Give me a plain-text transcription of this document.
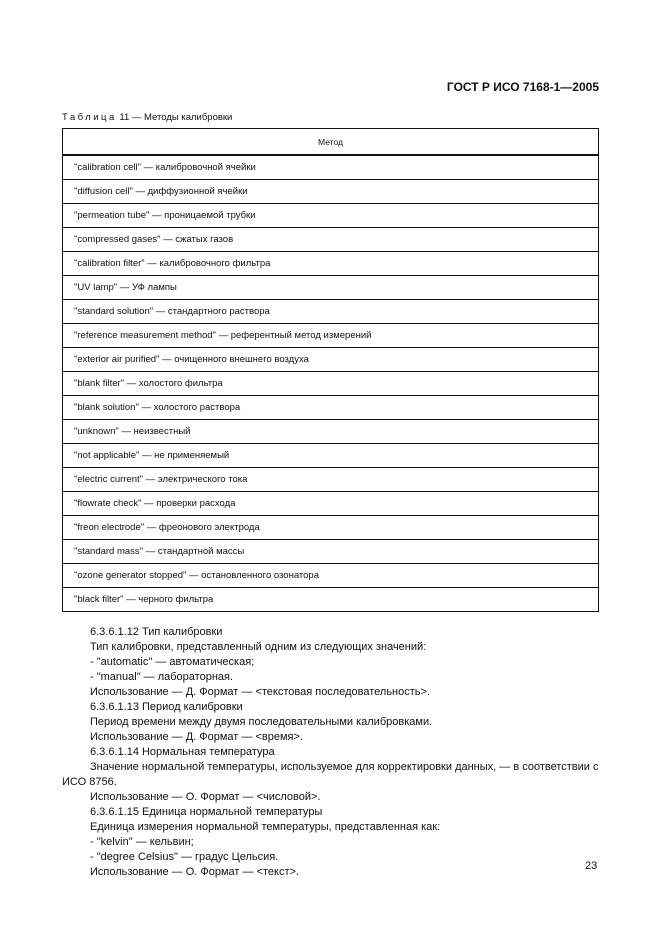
ГОСТ Р ИСО 7168-1—2005
Таблица 11 — Методы калибровки
Метод
"calibration cell" — калибровочной ячейки
"diffusion cell" — диффузионной ячейки
"permeation tube" — проницаемой трубки
"compressed gases" — сжатых газов
"calibration filter" — калибровочного фильтра
"UV lamp" — УФ лампы
"standard solution" — стандартного раствора
"reference measurement method" — референтный метод измерений
"exterior air purified" — очищенного внешнего воздуха
"blank filter" — холостого фильтра
"blank solution" — холостого раствора
"unknown" — неизвестный
"not applicable" — не применяемый
"electric current" — электрического тока
"flowrate check" — проверки расхода
"freon electrode" — фреонового электрода
"standard mass" — стандартной массы
"ozone generator stopped" — остановленного озонатора
"black filter" — черного фильтра
6.3.6.1.12 Тип калибровки
Тип калибровки, представленный одним из следующих значений:
- "automatic" — автоматическая;
- "manual" — лабораторная.
Использование — Д. Формат — <текстовая последовательность>.
6.3.6.1.13 Период калибровки
Период времени между двумя последовательными калибровками.
Использование — Д. Формат — <время>.
6.3.6.1.14 Нормальная температура
Значение нормальной температуры, используемое для корректировки данных, — в соответствии с
ИСО 8756.
Использование — О. Формат — <числовой>.
6.3.6.1.15 Единица нормальной температуры
Единица измерения нормальной температуры, представленная как:
- "kelvin" — кельвин;
- "degree Celsius" — градус Цельсия.
Использование — О. Формат — <текст>.	23
